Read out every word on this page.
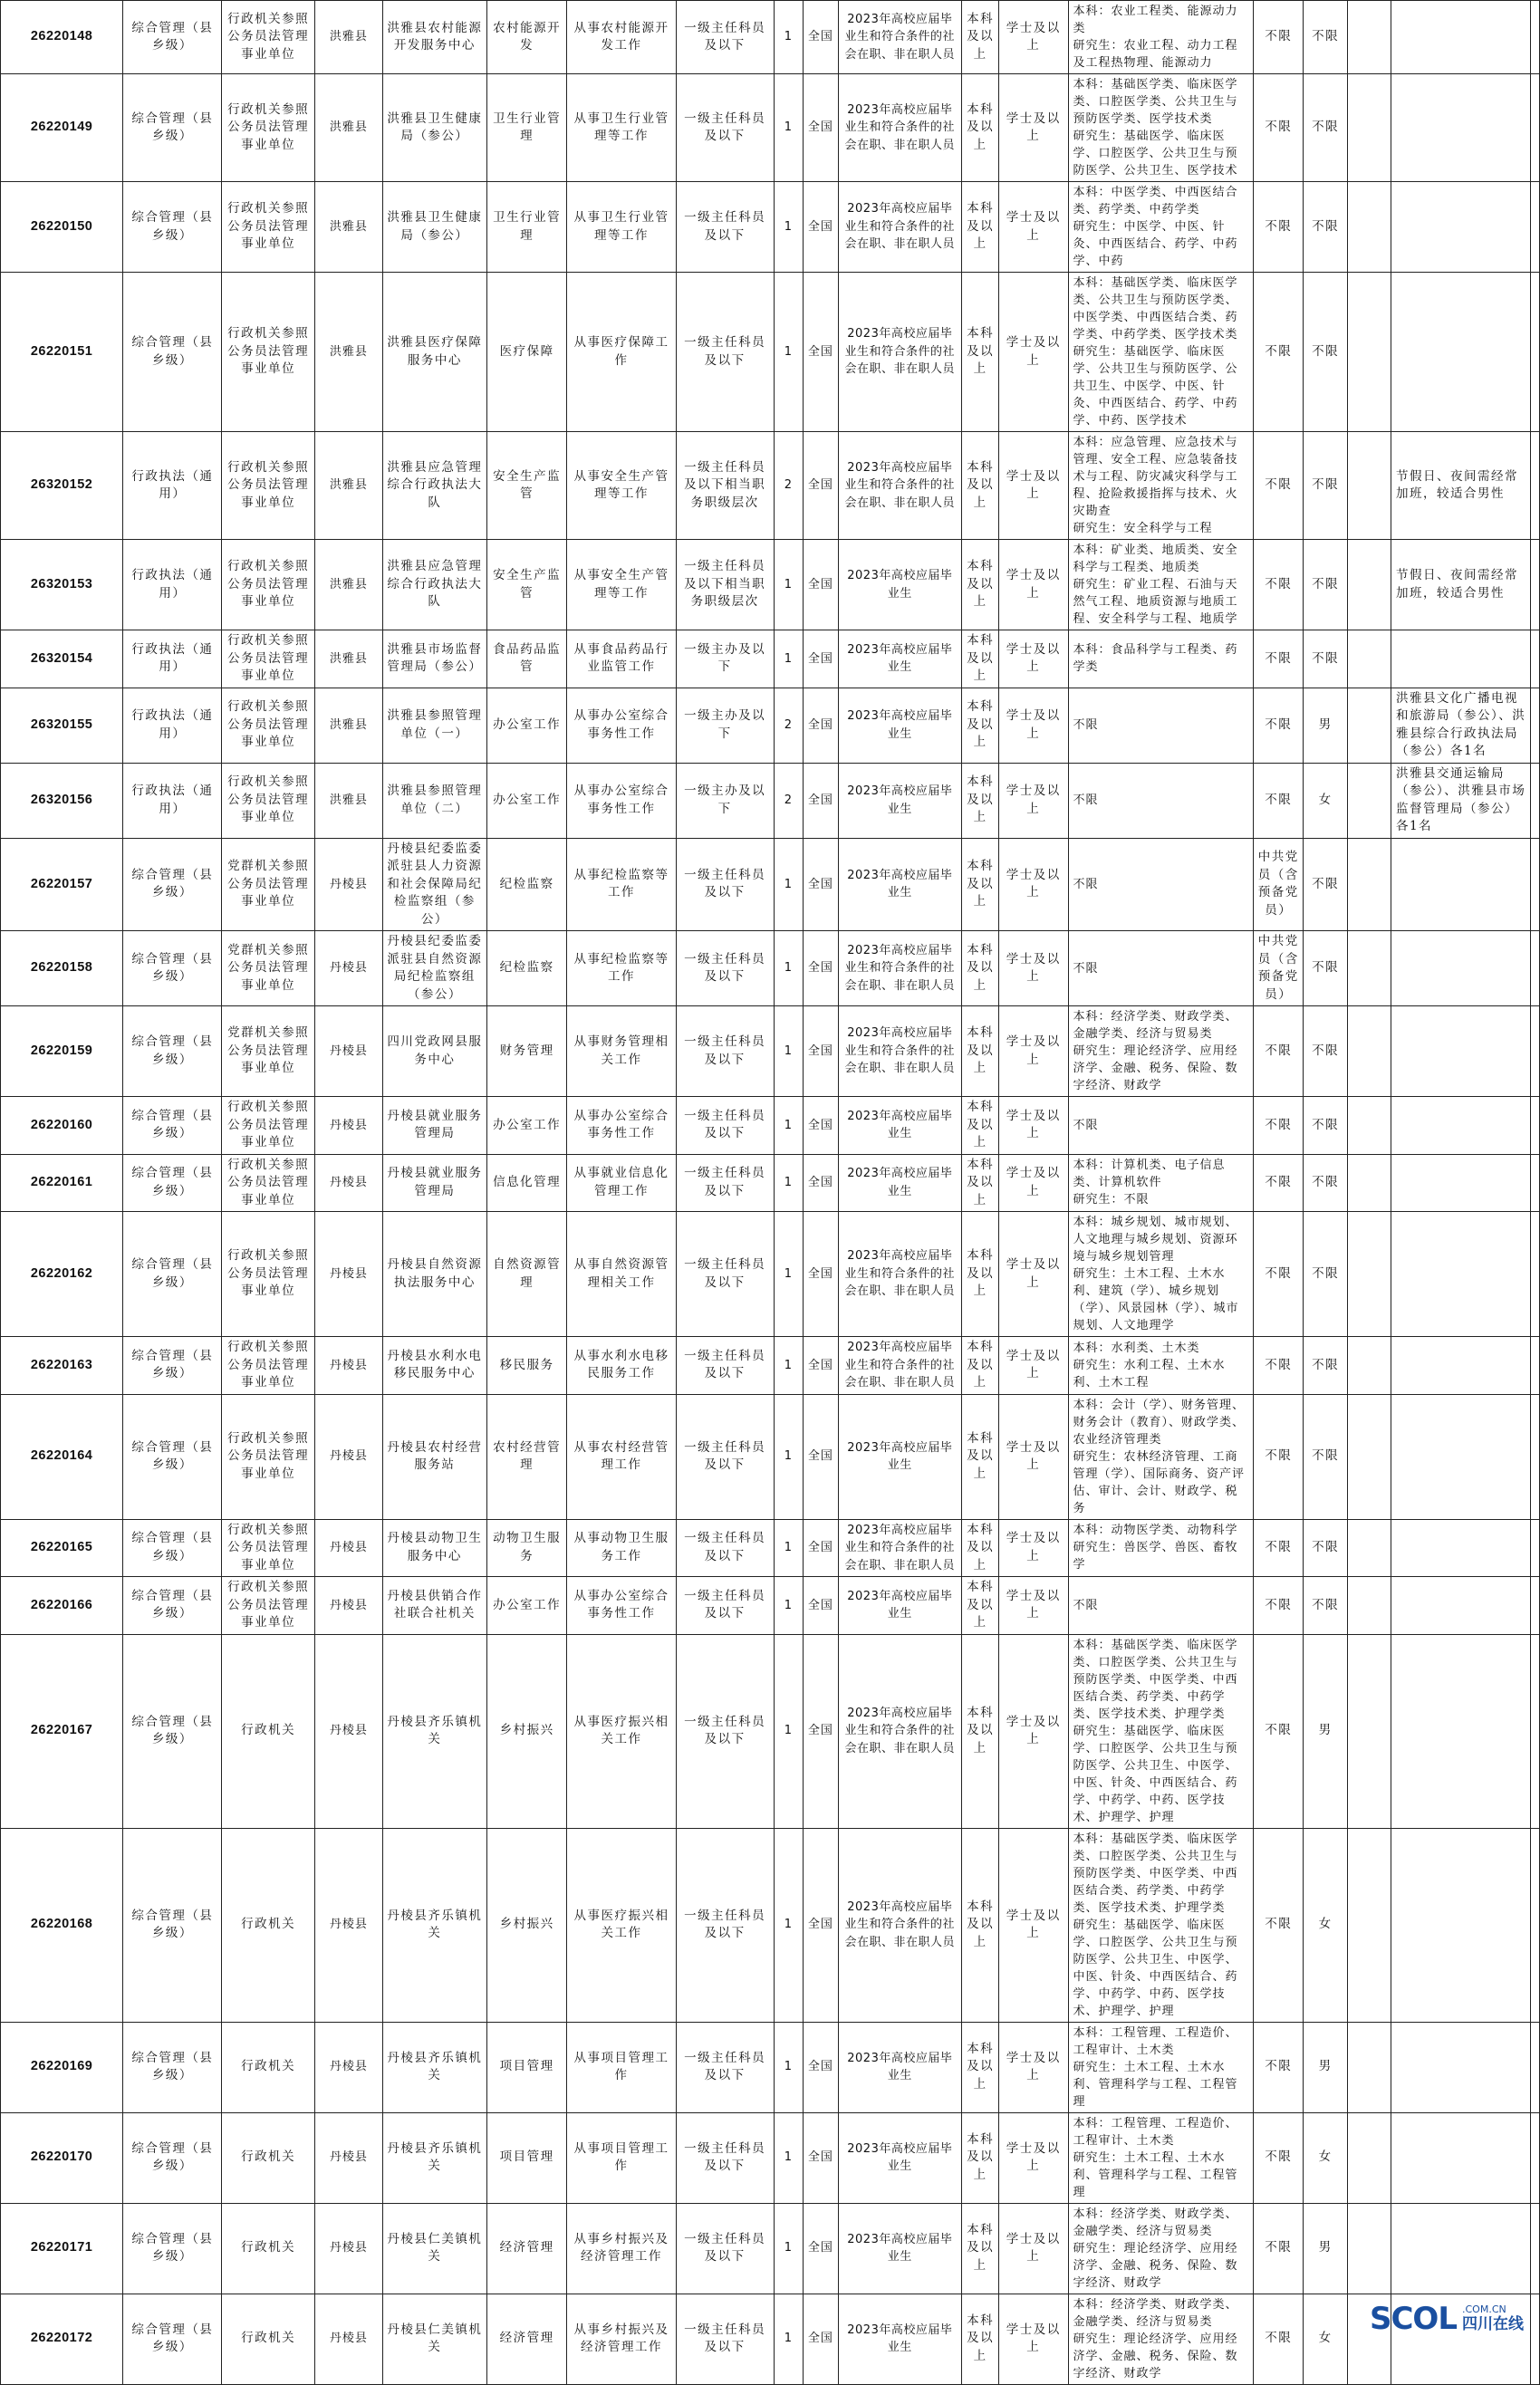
26220148	综合管理（县乡级）	行政机关参照公务员法管理事业单位	洪雅县	洪雅县农村能源开发服务中心	农村能源开发	从事农村能源开发工作	一级主任科员及以下	1	全国	2023年高校应届毕业生和符合条件的社会在职、非在职人员	本科及以上	学士及以上	本科：农业工程类、能源动力类
研究生：农业工程、动力工程及工程热物理、能源动力	不限	不限			
26220149	综合管理（县乡级）	行政机关参照公务员法管理事业单位	洪雅县	洪雅县卫生健康局（参公）	卫生行业管理	从事卫生行业管理等工作	一级主任科员及以下	1	全国	2023年高校应届毕业生和符合条件的社会在职、非在职人员	本科及以上	学士及以上	本科：基础医学类、临床医学类、口腔医学类、公共卫生与预防医学类、医学技术类
研究生：基础医学、临床医学、口腔医学、公共卫生与预防医学、公共卫生、医学技术	不限	不限			
26220150	综合管理（县乡级）	行政机关参照公务员法管理事业单位	洪雅县	洪雅县卫生健康局（参公）	卫生行业管理	从事卫生行业管理等工作	一级主任科员及以下	1	全国	2023年高校应届毕业生和符合条件的社会在职、非在职人员	本科及以上	学士及以上	本科：中医学类、中西医结合类、药学类、中药学类
研究生：中医学、中医、针灸、中西医结合、药学、中药学、中药	不限	不限			
26220151	综合管理（县乡级）	行政机关参照公务员法管理事业单位	洪雅县	洪雅县医疗保障服务中心	医疗保障	从事医疗保障工作	一级主任科员及以下	1	全国	2023年高校应届毕业生和符合条件的社会在职、非在职人员	本科及以上	学士及以上	本科：基础医学类、临床医学类、公共卫生与预防医学类、中医学类、中西医结合类、药学类、中药学类、医学技术类
研究生：基础医学、临床医学、公共卫生与预防医学、公共卫生、中医学、中医、针灸、中西医结合、药学、中药学、中药、医学技术	不限	不限			
26320152	行政执法（通用）	行政机关参照公务员法管理事业单位	洪雅县	洪雅县应急管理综合行政执法大队	安全生产监管	从事安全生产管理等工作	一级主任科员及以下相当职务职级层次	2	全国	2023年高校应届毕业生和符合条件的社会在职、非在职人员	本科及以上	学士及以上	本科：应急管理、应急技术与管理、安全工程、应急装备技术与工程、防灾减灾科学与工程、抢险救援指挥与技术、火灾勘查
研究生：安全科学与工程	不限	不限		节假日、夜间需经常加班，较适合男性	
26320153	行政执法（通用）	行政机关参照公务员法管理事业单位	洪雅县	洪雅县应急管理综合行政执法大队	安全生产监管	从事安全生产管理等工作	一级主任科员及以下相当职务职级层次	1	全国	2023年高校应届毕业生	本科及以上	学士及以上	本科：矿业类、地质类、安全科学与工程类、地质类
研究生：矿业工程、石油与天然气工程、地质资源与地质工程、安全科学与工程、地质学	不限	不限		节假日、夜间需经常加班，较适合男性	
26320154	行政执法（通用）	行政机关参照公务员法管理事业单位	洪雅县	洪雅县市场监督管理局（参公）	食品药品监管	从事食品药品行业监管工作	一级主办及以下	1	全国	2023年高校应届毕业生	本科及以上	学士及以上	本科：食品科学与工程类、药学类	不限	不限			
26320155	行政执法（通用）	行政机关参照公务员法管理事业单位	洪雅县	洪雅县参照管理单位（一）	办公室工作	从事办公室综合事务性工作	一级主办及以下	2	全国	2023年高校应届毕业生	本科及以上	学士及以上	不限	不限	男		洪雅县文化广播电视和旅游局（参公）、洪雅县综合行政执法局（参公）各1名	
26320156	行政执法（通用）	行政机关参照公务员法管理事业单位	洪雅县	洪雅县参照管理单位（二）	办公室工作	从事办公室综合事务性工作	一级主办及以下	2	全国	2023年高校应届毕业生	本科及以上	学士及以上	不限	不限	女		洪雅县交通运输局（参公）、洪雅县市场监督管理局（参公）各1名	
26220157	综合管理（县乡级）	党群机关参照公务员法管理事业单位	丹棱县	丹棱县纪委监委派驻县人力资源和社会保障局纪检监察组（参公）	纪检监察	从事纪检监察等工作	一级主任科员及以下	1	全国	2023年高校应届毕业生	本科及以上	学士及以上	不限	中共党员（含预备党员）	不限			
26220158	综合管理（县乡级）	党群机关参照公务员法管理事业单位	丹棱县	丹棱县纪委监委派驻县自然资源局纪检监察组（参公）	纪检监察	从事纪检监察等工作	一级主任科员及以下	1	全国	2023年高校应届毕业生和符合条件的社会在职、非在职人员	本科及以上	学士及以上	不限	中共党员（含预备党员）	不限			
26220159	综合管理（县乡级）	党群机关参照公务员法管理事业单位	丹棱县	四川党政网县服务中心	财务管理	从事财务管理相关工作	一级主任科员及以下	1	全国	2023年高校应届毕业生和符合条件的社会在职、非在职人员	本科及以上	学士及以上	本科：经济学类、财政学类、金融学类、经济与贸易类
研究生：理论经济学、应用经济学、金融、税务、保险、数字经济、财政学	不限	不限			
26220160	综合管理（县乡级）	行政机关参照公务员法管理事业单位	丹棱县	丹棱县就业服务管理局	办公室工作	从事办公室综合事务性工作	一级主任科员及以下	1	全国	2023年高校应届毕业生	本科及以上	学士及以上	不限	不限	不限			
26220161	综合管理（县乡级）	行政机关参照公务员法管理事业单位	丹棱县	丹棱县就业服务管理局	信息化管理	从事就业信息化管理工作	一级主任科员及以下	1	全国	2023年高校应届毕业生	本科及以上	学士及以上	本科：计算机类、电子信息类、计算机软件
研究生：不限	不限	不限			
26220162	综合管理（县乡级）	行政机关参照公务员法管理事业单位	丹棱县	丹棱县自然资源执法服务中心	自然资源管理	从事自然资源管理相关工作	一级主任科员及以下	1	全国	2023年高校应届毕业生和符合条件的社会在职、非在职人员	本科及以上	学士及以上	本科：城乡规划、城市规划、人文地理与城乡规划、资源环境与城乡规划管理
研究生：土木工程、土木水利、建筑（学）、城乡规划（学）、风景园林（学）、城市规划、人文地理学	不限	不限			
26220163	综合管理（县乡级）	行政机关参照公务员法管理事业单位	丹棱县	丹棱县水利水电移民服务中心	移民服务	从事水利水电移民服务工作	一级主任科员及以下	1	全国	2023年高校应届毕业生和符合条件的社会在职、非在职人员	本科及以上	学士及以上	本科：水利类、土木类
研究生：水利工程、土木水利、土木工程	不限	不限			
26220164	综合管理（县乡级）	行政机关参照公务员法管理事业单位	丹棱县	丹棱县农村经营服务站	农村经营管理	从事农村经营管理工作	一级主任科员及以下	1	全国	2023年高校应届毕业生	本科及以上	学士及以上	本科：会计（学）、财务管理、财务会计（教育）、财政学类、农业经济管理类
研究生：农林经济管理、工商管理（学）、国际商务、资产评估、审计、会计、财政学、税务	不限	不限			
26220165	综合管理（县乡级）	行政机关参照公务员法管理事业单位	丹棱县	丹棱县动物卫生服务中心	动物卫生服务	从事动物卫生服务工作	一级主任科员及以下	1	全国	2023年高校应届毕业生和符合条件的社会在职、非在职人员	本科及以上	学士及以上	本科：动物医学类、动物科学
研究生：兽医学、兽医、畜牧学	不限	不限			
26220166	综合管理（县乡级）	行政机关参照公务员法管理事业单位	丹棱县	丹棱县供销合作社联合社机关	办公室工作	从事办公室综合事务性工作	一级主任科员及以下	1	全国	2023年高校应届毕业生	本科及以上	学士及以上	不限	不限	不限			
26220167	综合管理（县乡级）	行政机关	丹棱县	丹棱县齐乐镇机关	乡村振兴	从事医疗振兴相关工作	一级主任科员及以下	1	全国	2023年高校应届毕业生和符合条件的社会在职、非在职人员	本科及以上	学士及以上	本科：基础医学类、临床医学类、口腔医学类、公共卫生与预防医学类、中医学类、中西医结合类、药学类、中药学类、医学技术类、护理学类
研究生：基础医学、临床医学、口腔医学、公共卫生与预防医学、公共卫生、中医学、中医、针灸、中西医结合、药学、中药学、中药、医学技术、护理学、护理	不限	男			
26220168	综合管理（县乡级）	行政机关	丹棱县	丹棱县齐乐镇机关	乡村振兴	从事医疗振兴相关工作	一级主任科员及以下	1	全国	2023年高校应届毕业生和符合条件的社会在职、非在职人员	本科及以上	学士及以上	本科：基础医学类、临床医学类、口腔医学类、公共卫生与预防医学类、中医学类、中西医结合类、药学类、中药学类、医学技术类、护理学类
研究生：基础医学、临床医学、口腔医学、公共卫生与预防医学、公共卫生、中医学、中医、针灸、中西医结合、药学、中药学、中药、医学技术、护理学、护理	不限	女			
26220169	综合管理（县乡级）	行政机关	丹棱县	丹棱县齐乐镇机关	项目管理	从事项目管理工作	一级主任科员及以下	1	全国	2023年高校应届毕业生	本科及以上	学士及以上	本科：工程管理、工程造价、工程审计、土木类
研究生：土木工程、土木水利、管理科学与工程、工程管理	不限	男			
26220170	综合管理（县乡级）	行政机关	丹棱县	丹棱县齐乐镇机关	项目管理	从事项目管理工作	一级主任科员及以下	1	全国	2023年高校应届毕业生	本科及以上	学士及以上	本科：工程管理、工程造价、工程审计、土木类
研究生：土木工程、土木水利、管理科学与工程、工程管理	不限	女			
26220171	综合管理（县乡级）	行政机关	丹棱县	丹棱县仁美镇机关	经济管理	从事乡村振兴及经济管理工作	一级主任科员及以下	1	全国	2023年高校应届毕业生	本科及以上	学士及以上	本科：经济学类、财政学类、金融学类、经济与贸易类
研究生：理论经济学、应用经济学、金融、税务、保险、数字经济、财政学	不限	男			
26220172	综合管理（县乡级）	行政机关	丹棱县	丹棱县仁美镇机关	经济管理	从事乡村振兴及经济管理工作	一级主任科员及以下	1	全国	2023年高校应届毕业生	本科及以上	学士及以上	本科：经济学类、财政学类、金融学类、经济与贸易类
研究生：理论经济学、应用经济学、金融、税务、保险、数字经济、财政学	不限	女			
SCOL .COM.CN
四川在线
